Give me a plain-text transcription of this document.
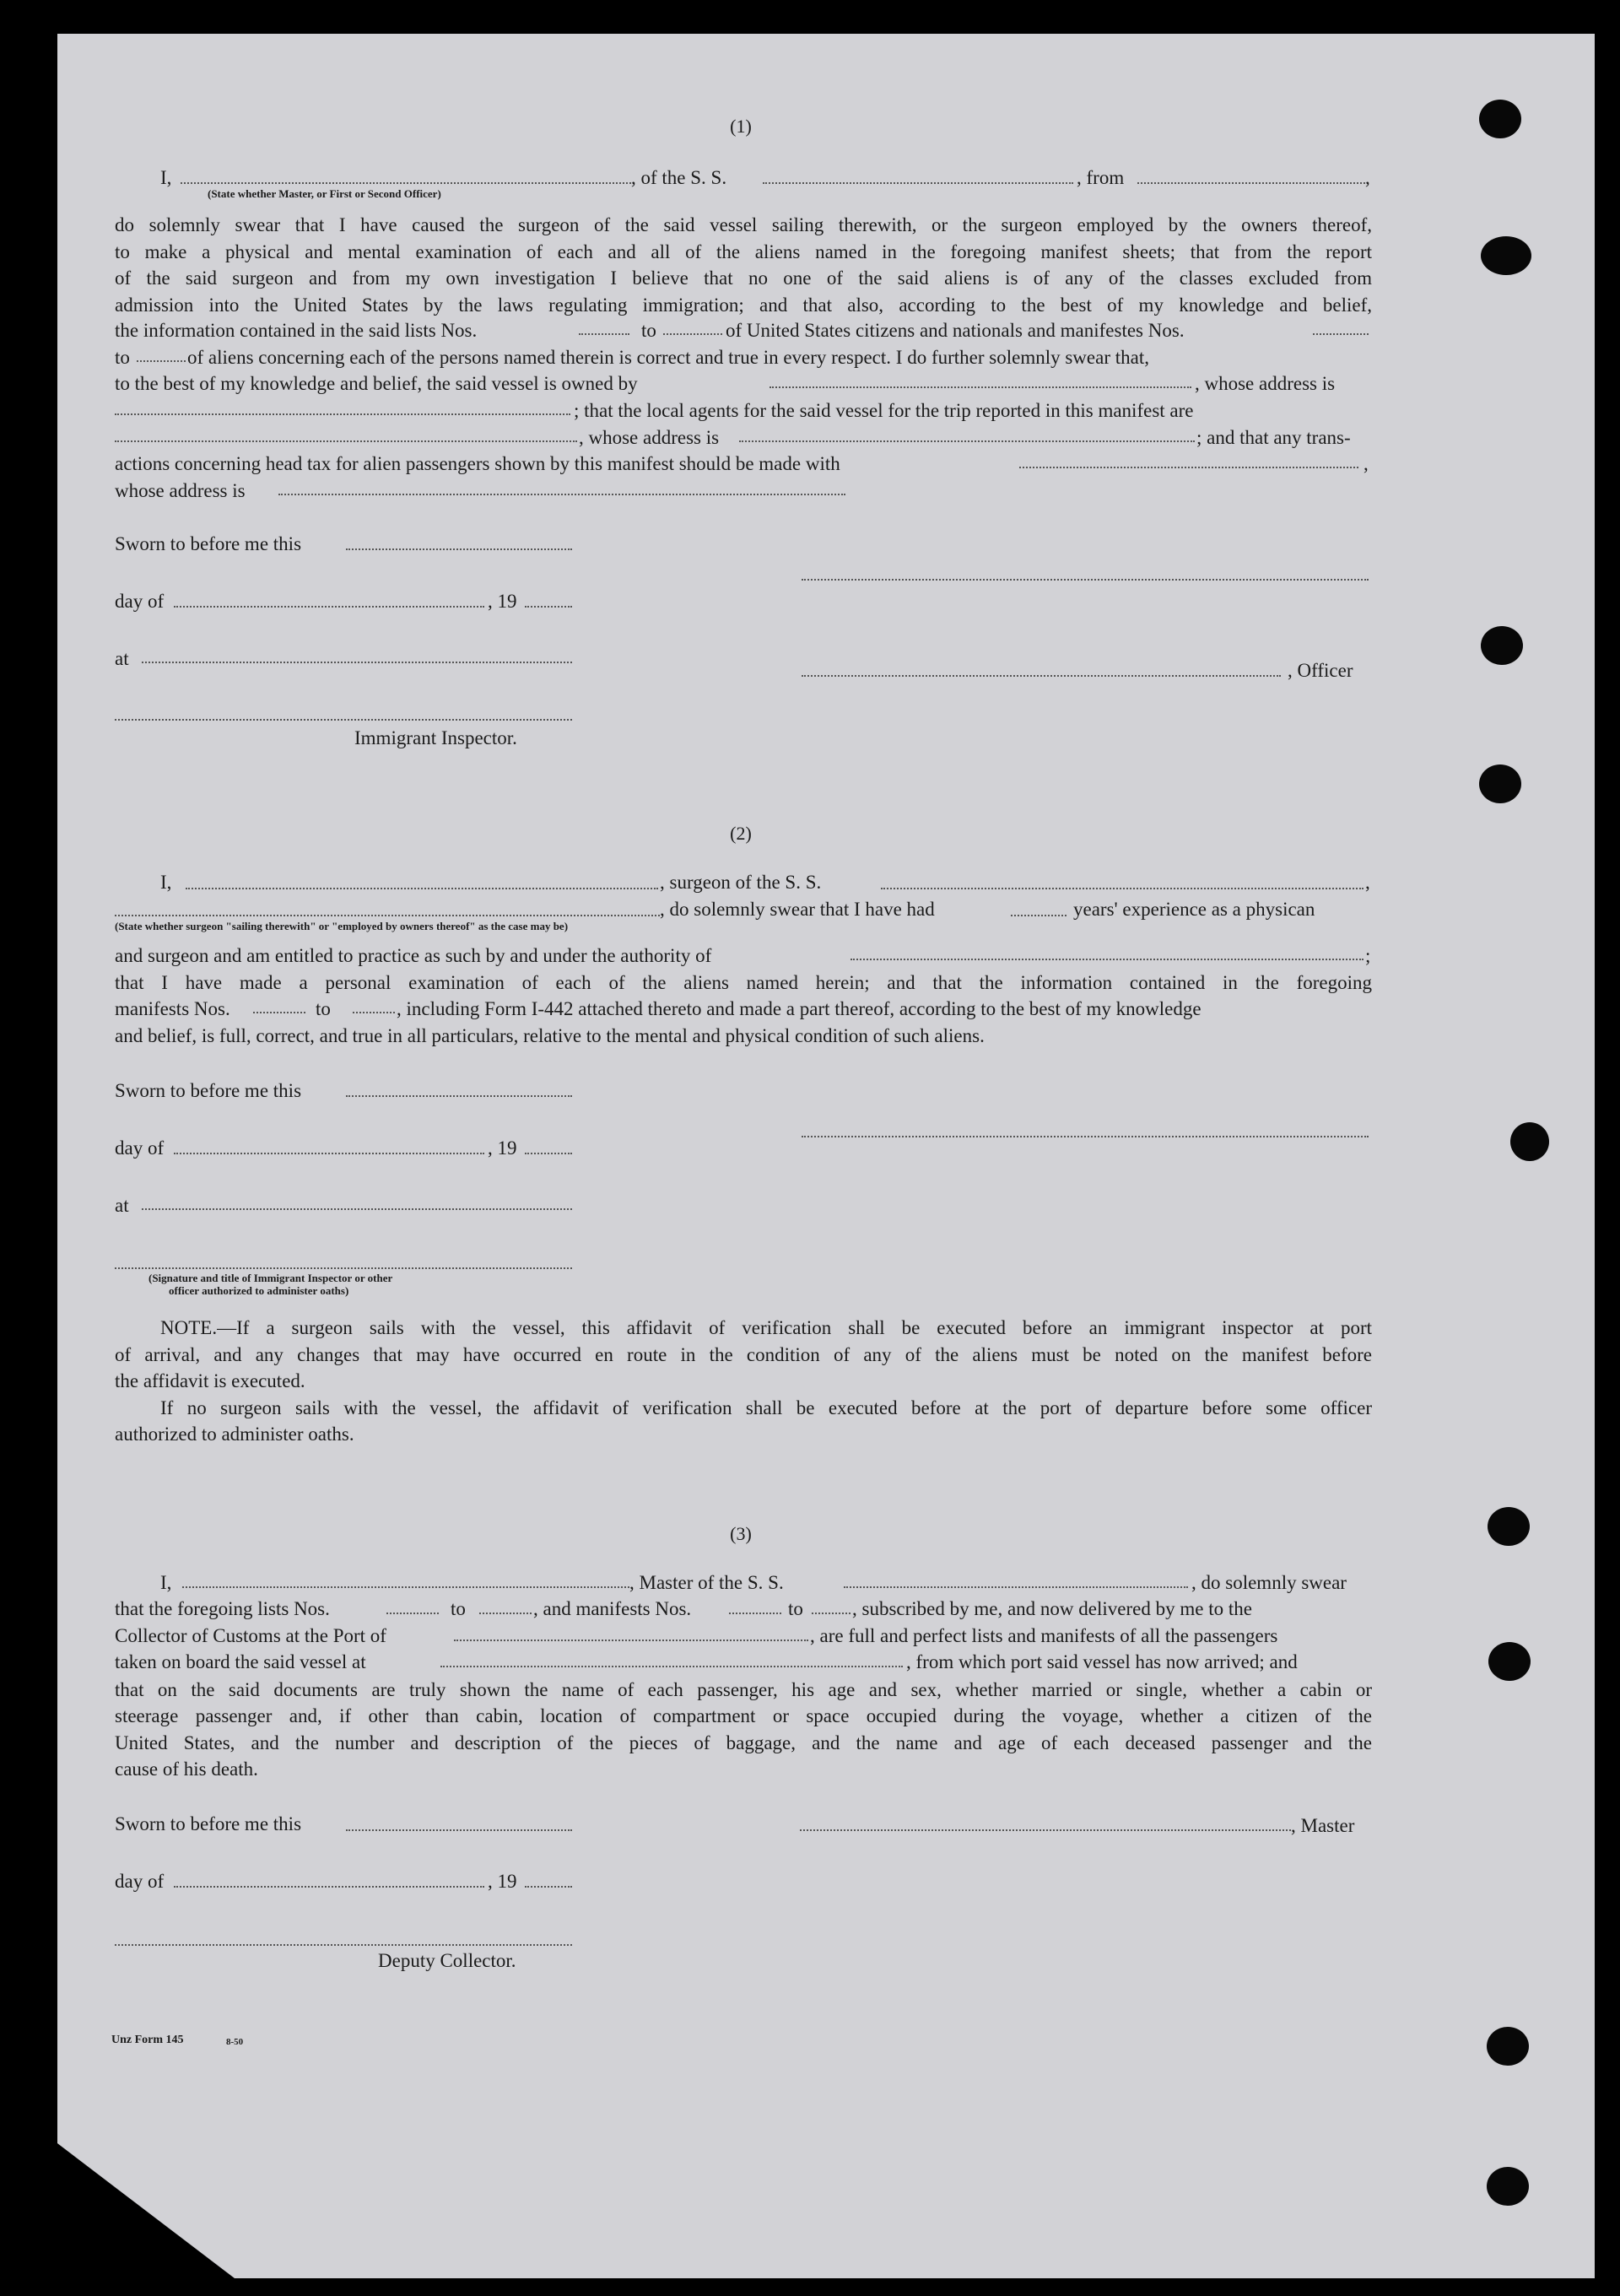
(1)
I,	, of the S. S.	, from	,
(State whether Master, or First or Second Officer)
do solemnly swear that I have caused the surgeon of the said vessel sailing therewith, or the surgeon employed by the owners thereof,
to make a physical and mental examination of each and all of the aliens named in the foregoing manifest sheets; that from the report
of the said surgeon and from my own investigation I believe that no one of the said aliens is of any of the classes excluded from
admission into the United States by the laws regulating immigration; and that also, according to the best of my knowledge and belief,
the information contained in the said lists Nos.	to	of United States citizens and nationals and manifestes Nos.
to	of aliens concerning each of the persons named therein is correct and true in every respect. I do further solemnly swear that,
to the best of my knowledge and belief, the said vessel is owned by	, whose address is
; that the local agents for the said vessel for the trip reported in this manifest are
, whose address is	; and that any trans-
actions concerning head tax for alien passengers shown by this manifest should be made with	,
whose address is
Sworn to before me this
day of	, 19
at
, Officer
Immigrant Inspector.
(2)
I,	, surgeon of the S. S.	,
, do solemnly swear that I have had	years' experience as a physican
(State whether surgeon "sailing therewith" or "employed by owners thereof" as the case may be)
and surgeon and am entitled to practice as such by and under the authority of	;
that I have made a personal examination of each of the aliens named herein; and that the information contained in the foregoing
manifests Nos.	to	, including Form I-442 attached thereto and made a part thereof, according to the best of my knowledge
and belief, is full, correct, and true in all particulars, relative to the mental and physical condition of such aliens.
Sworn to before me this
day of	, 19
at
(Signature and title of Immigrant Inspector or other
officer authorized to administer oaths)
NOTE.—If a surgeon sails with the vessel, this affidavit of verification shall be executed before an immigrant inspector at port
of arrival, and any changes that may have occurred en route in the condition of any of the aliens must be noted on the manifest before
the affidavit is executed.
If no surgeon sails with the vessel, the affidavit of verification shall be executed before at the port of departure before some officer
authorized to administer oaths.
(3)
I,	, Master of the S. S.	, do solemnly swear
that the foregoing lists Nos.	to	, and manifests Nos.	to	, subscribed by me, and now delivered by me to the
Collector of Customs at the Port of	, are full and perfect lists and manifests of all the passengers
taken on board the said vessel at	, from which port said vessel has now arrived; and
that on the said documents are truly shown the name of each passenger, his age and sex, whether married or single, whether a cabin or
steerage passenger and, if other than cabin, location of compartment or space occupied during the voyage, whether a citizen of the
United States, and the number and description of the pieces of baggage, and the name and age of each deceased passenger and the
cause of his death.
Sworn to before me this	, Master
day of	, 19
Deputy Collector.
Unz Form 145	8-50
